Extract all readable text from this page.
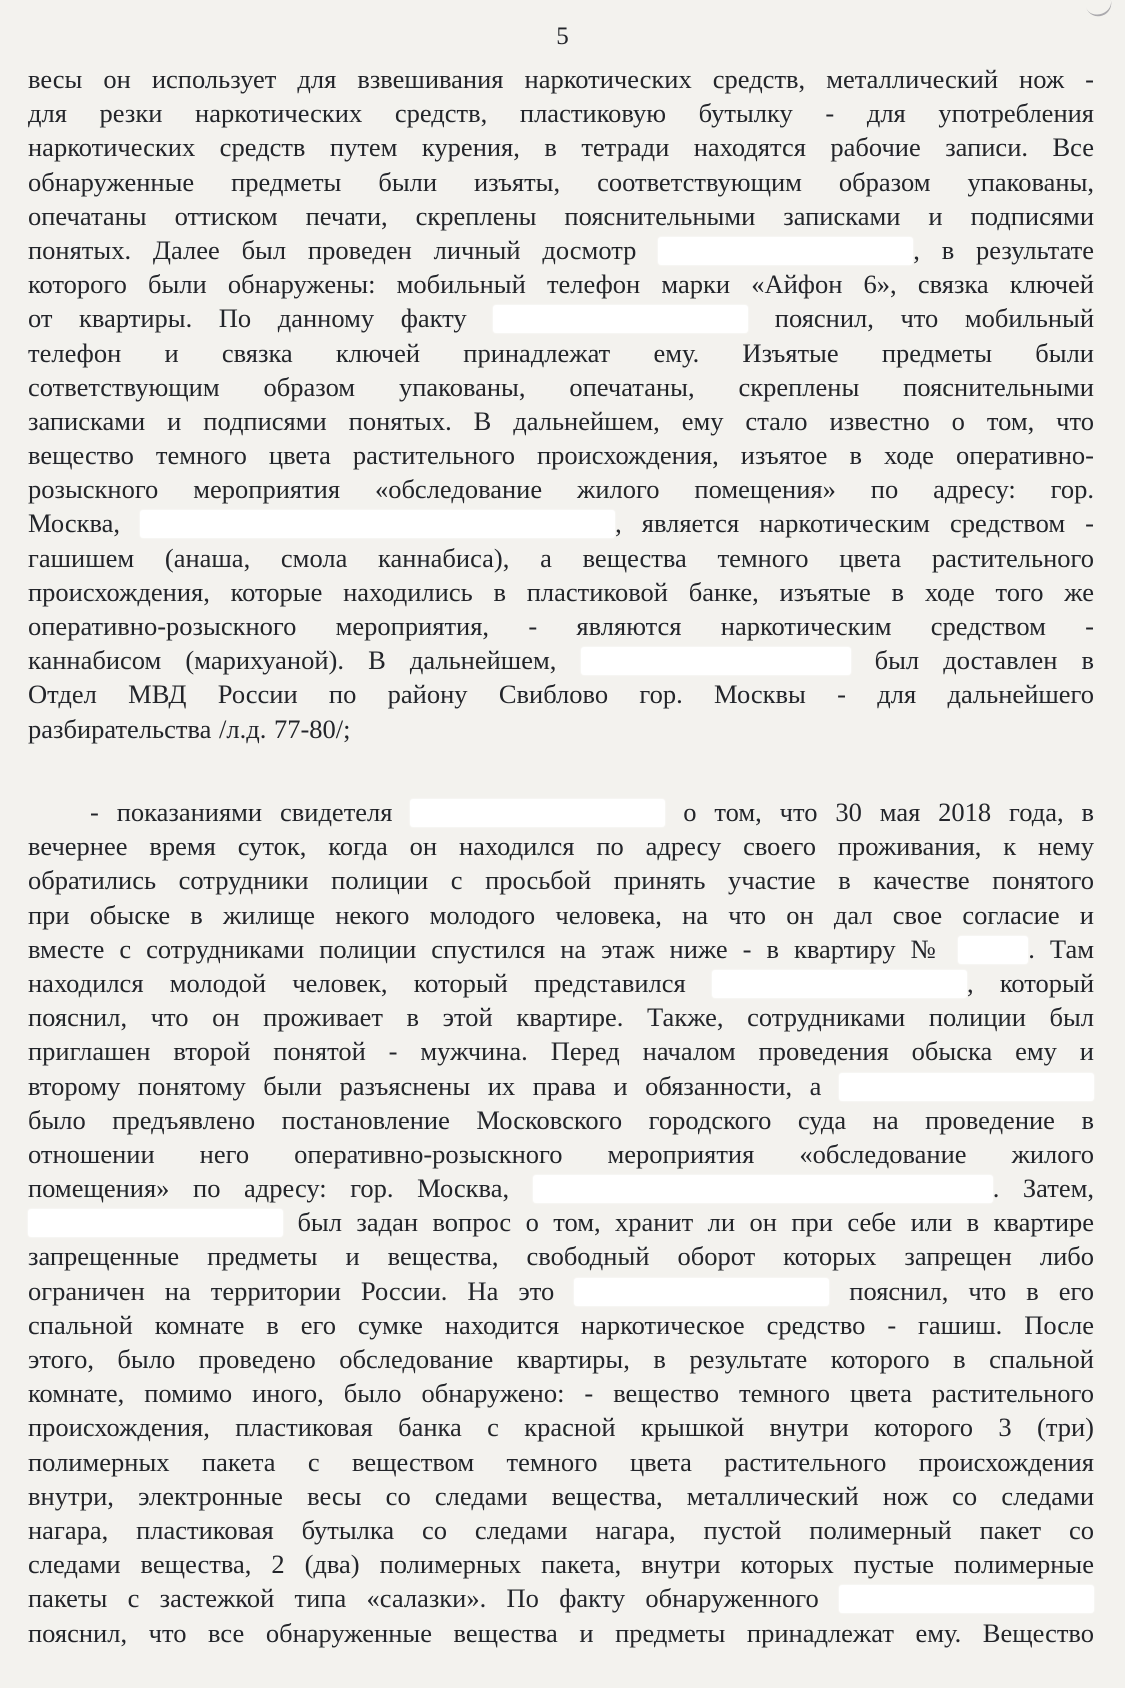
5
весы он использует для взвешивания наркотических средств, металлический нож -
для резки наркотических средств, пластиковую бутылку - для употребления
наркотических средств путем курения, в тетради находятся рабочие записи. Все
обнаруженные предметы были изъяты, соответствующим образом упакованы,
опечатаны оттиском печати, скреплены пояснительными записками и подписями
понятых. Далее был проведен личный досмотр	, в результате
которого были обнаружены: мобильный телефон марки «Айфон 6», связка ключей
от квартиры. По данному факту	пояснил, что мобильный
телефон и связка ключей принадлежат ему. Изъятые предметы были
сответствующим образом упакованы, опечатаны, скреплены пояснительными
записками и подписями понятых. В дальнейшем, ему стало известно о том, что
вещество темного цвета растительного происхождения, изъятое в ходе оперативно-
розыскного мероприятия «обследование жилого помещения» по адресу: гор.
Москва,	, является наркотическим средством -
гашишем (анаша, смола каннабиса), а вещества темного цвета растительного
происхождения, которые находились в пластиковой банке, изъятые в ходе того же
оперативно-розыскного мероприятия, - являются наркотическим средством -
каннабисом (марихуаной). В дальнейшем,	был доставлен в
Отдел МВД России по району Свиблово гор. Москвы - для дальнейшего
разбирательства /л.д. 77-80/;
- показаниями свидетеля	о том, что 30 мая 2018 года, в
вечернее время суток, когда он находился по адресу своего проживания, к нему
обратились сотрудники полиции с просьбой принять участие в качестве понятого
при обыске в жилище некого молодого человека, на что он дал свое согласие и
вместе с сотрудниками полиции спустился на этаж ниже - в квартиру №	. Там
находился молодой человек, который представился	, который
пояснил, что он проживает в этой квартире. Также, сотрудниками полиции был
приглашен второй понятой - мужчина. Перед началом проведения обыска ему и
второму понятому были разъяснены их права и обязанности, а
было предъявлено постановление Московского городского суда на проведение в
отношении него оперативно-розыскного мероприятия «обследование жилого
помещения» по адресу: гор. Москва,	. Затем,
был задан вопрос о том, хранит ли он при себе или в квартире
запрещенные предметы и вещества, свободный оборот которых запрещен либо
ограничен на территории России. На это	пояснил, что в его
спальной комнате в его сумке находится наркотическое средство - гашиш. После
этого, было проведено обследование квартиры, в результате которого в спальной
комнате, помимо иного, было обнаружено: - вещество темного цвета растительного
происхождения, пластиковая банка с красной крышкой внутри которого 3 (три)
полимерных пакета с веществом темного цвета растительного происхождения
внутри, электронные весы со следами вещества, металлический нож со следами
нагара, пластиковая бутылка со следами нагара, пустой полимерный пакет со
следами вещества, 2 (два) полимерных пакета, внутри которых пустые полимерные
пакеты с застежкой типа «салазки». По факту обнаруженного
пояснил, что все обнаруженные вещества и предметы принадлежат ему. Вещество
